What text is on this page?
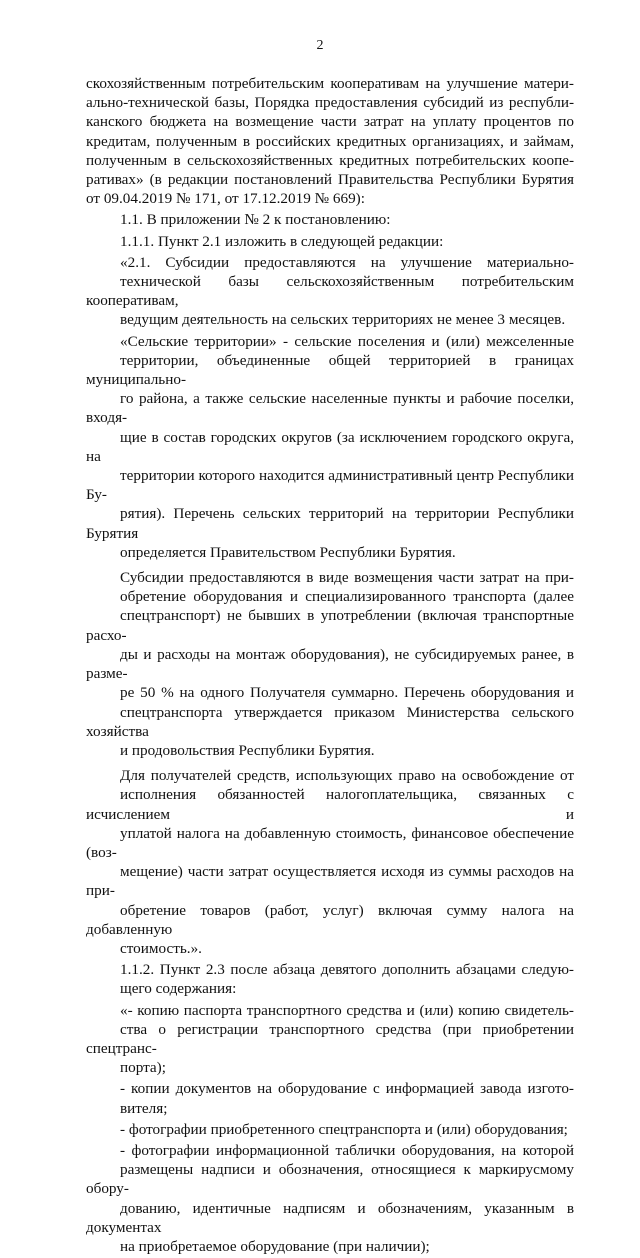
2
скохозяйственным потребительским кооперативам на улучшение матери-
ально-технической базы, Порядка предоставления субсидий из республи-
канского бюджета на возмещение части затрат на уплату процентов по
кредитам, полученным в российских кредитных организациях, и займам,
полученным в сельскохозяйственных кредитных потребительских коопе-
ративах» (в редакции постановлений Правительства Республики Бурятия
от 09.04.2019 № 171, от 17.12.2019 № 669):
1.1. В приложении № 2 к постановлению:
1.1.1. Пункт 2.1 изложить в следующей редакции:
«2.1. Субсидии предоставляются на улучшение материально-
технической базы сельскохозяйственным потребительским кооперативам,
ведущим деятельность на сельских территориях не менее 3 месяцев.
«Сельские территории» - сельские поселения и (или) межселенные
территории, объединенные общей территорией в границах муниципально-
го района, а также сельские населенные пункты и рабочие поселки, входя-
щие в состав городских округов (за исключением городского округа, на
территории которого находится административный центр Республики Бу-
рятия). Перечень сельских территорий на территории Республики Бурятия
определяется Правительством Республики Бурятия.
Субсидии предоставляются в виде возмещения части затрат на при-
обретение оборудования и специализированного транспорта (далее
спецтранспорт) не бывших в употреблении (включая транспортные расхо-
ды и расходы на монтаж оборудования), не субсидируемых ранее, в разме-
ре 50 % на одного Получателя суммарно. Перечень оборудования и
спецтранспорта утверждается приказом Министерства сельского хозяйства
и продовольствия Республики Бурятия.
Для получателей средств, использующих право на освобождение от
исполнения обязанностей налогоплательщика, связанных с исчислением и
уплатой налога на добавленную стоимость, финансовое обеспечение (воз-
мещение) части затрат осуществляется исходя из суммы расходов на при-
обретение товаров (работ, услуг) включая сумму налога на добавленную
стоимость.».
1.1.2. Пункт 2.3 после абзаца девятого дополнить абзацами следую-
щего содержания:
«- копию паспорта транспортного средства и (или) копию свидетель-
ства о регистрации транспортного средства (при приобретении спецтранс-
порта);
- копии документов на оборудование с информацией завода изгото-
вителя;
- фотографии приобретенного спецтранспорта и (или) оборудования;
- фотографии информационной таблички оборудования, на которой
размещены надписи и обозначения, относящиеся к маркирусмому обору-
дованию, идентичные надписям и обозначениям, указанным в документах
на приобретаемое оборудование (при наличии);
